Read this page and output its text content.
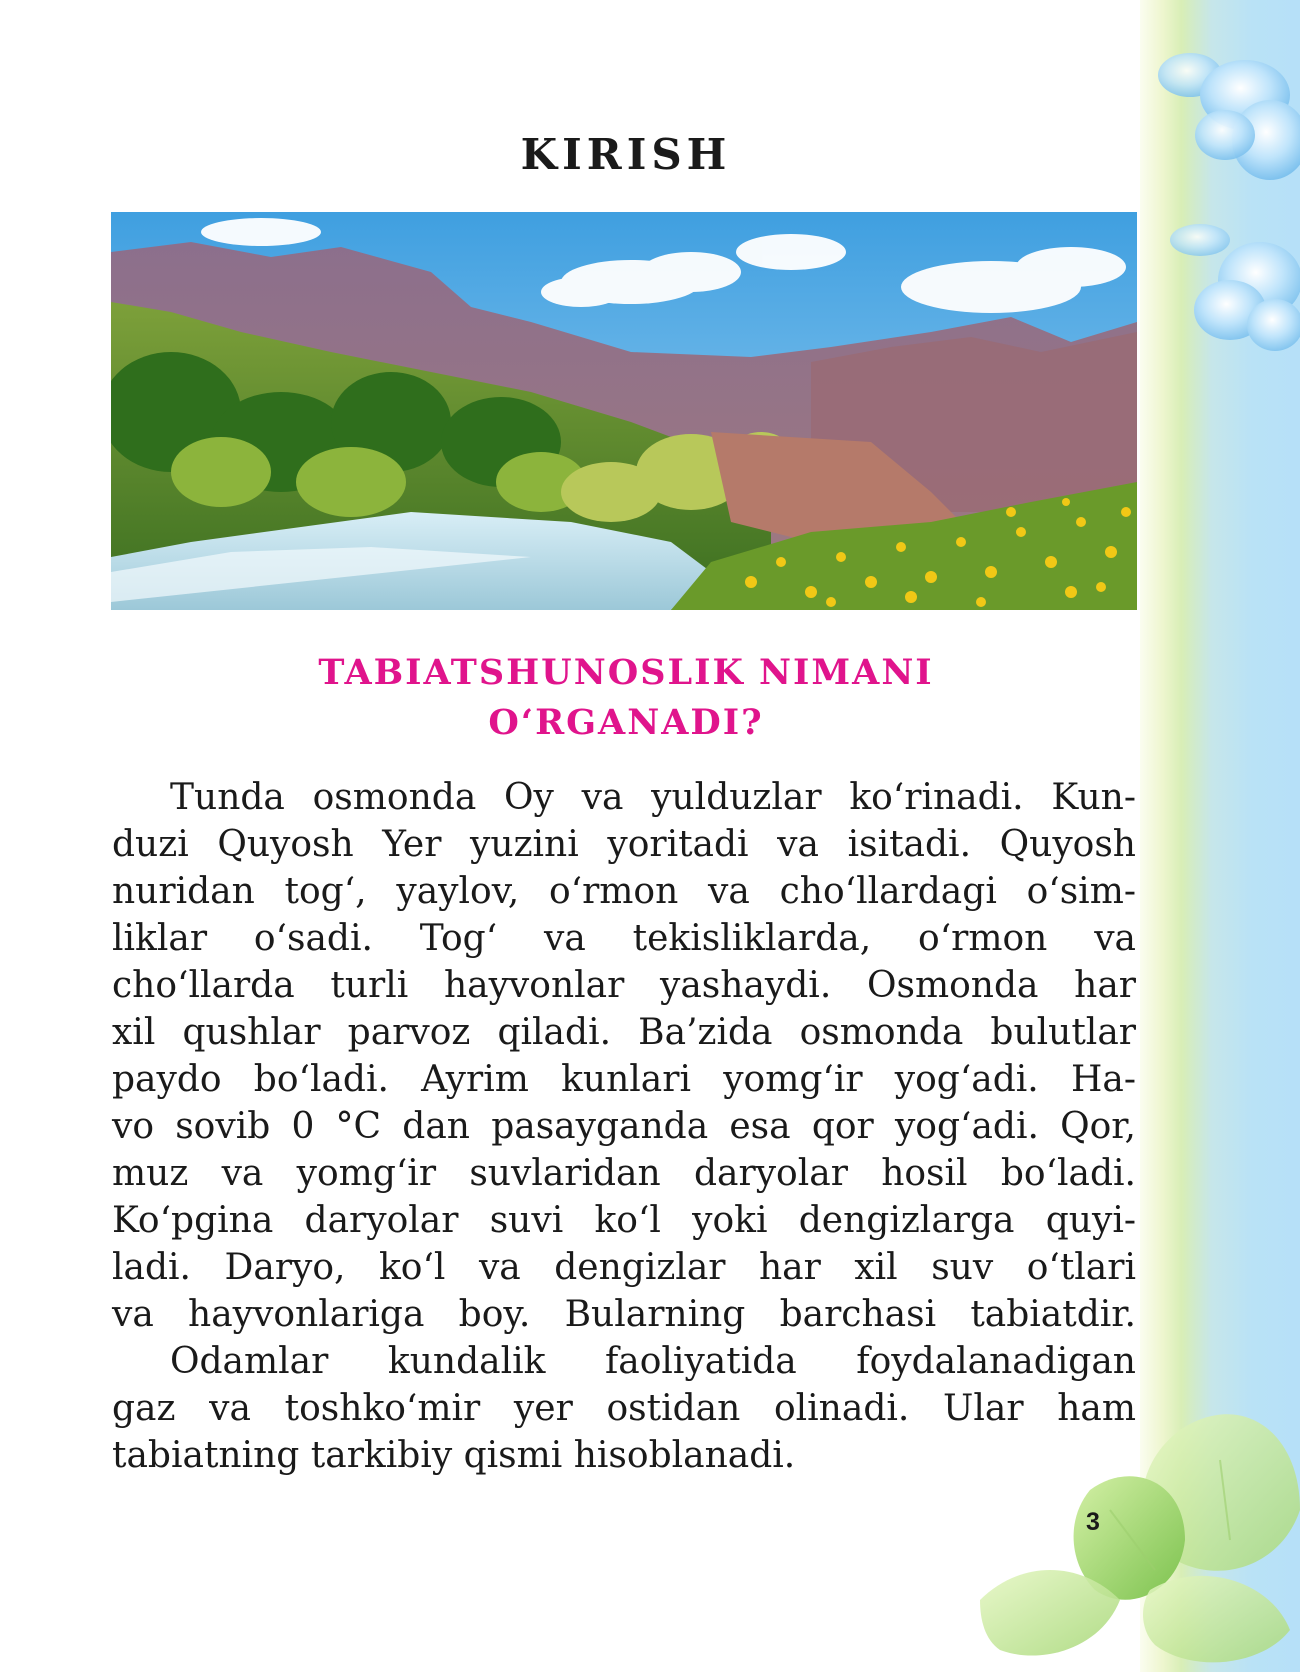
KIRISH
TABIATSHUNOSLIK NIMANI
O‘RGANADI?
Tunda osmonda Oy va yulduzlar ko‘rinadi. Kun-
duzi Quyosh Yer yuzini yoritadi va isitadi. Quyosh
nuridan tog‘, yaylov, o‘rmon va cho‘llardagi o‘sim-
liklar o‘sadi. Tog‘ va tekisliklarda, o‘rmon va
cho‘llarda turli hayvonlar yashaydi. Osmonda har
xil qushlar parvoz qiladi. Ba’zida osmonda bulutlar
paydo bo‘ladi. Ayrim kunlari yomg‘ir yog‘adi. Ha-
vo sovib 0 °C dan pasayganda esa qor yog‘adi. Qor,
muz va yomg‘ir suvlaridan daryolar hosil bo‘ladi.
Ko‘pgina daryolar suvi ko‘l yoki dengizlarga quyi-
ladi. Daryo, ko‘l va dengizlar har xil suv o‘tlari
va hayvonlariga boy. Bularning barchasi tabiatdir.
Odamlar kundalik faoliyatida foydalanadigan
gaz va toshko‘mir yer ostidan olinadi. Ular ham
tabiatning tarkibiy qismi hisoblanadi.
3
